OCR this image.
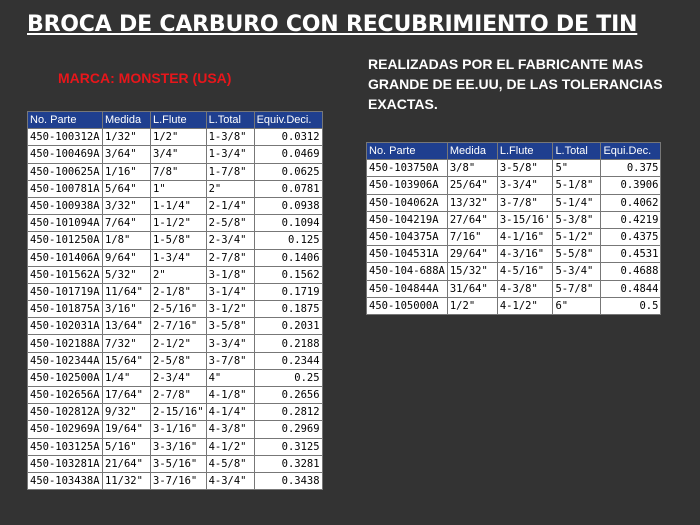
BROCA DE CARBURO CON RECUBRIMIENTO DE TIN
MARCA: MONSTER (USA)
REALIZADAS POR EL FABRICANTE MAS GRANDE DE EE.UU, DE LAS TOLERANCIAS EXACTAS.
No. Parte	Medida	L.Flute	L.Total	Equiv.Deci.
450-100312A	1/32"	1/2"	1-3/8"	0.0312
450-100469A	3/64"	3/4"	1-3/4"	0.0469
450-100625A	1/16"	7/8"	1-7/8"	0.0625
450-100781A	5/64"	1"	2"	0.0781
450-100938A	3/32"	1-1/4"	2-1/4"	0.0938
450-101094A	7/64"	1-1/2"	2-5/8"	0.1094
450-101250A	1/8"	1-5/8"	2-3/4"	0.125
450-101406A	9/64"	1-3/4"	2-7/8"	0.1406
450-101562A	5/32"	2"	3-1/8"	0.1562
450-101719A	11/64"	2-1/8"	3-1/4"	0.1719
450-101875A	3/16"	2-5/16"	3-1/2"	0.1875
450-102031A	13/64"	2-7/16"	3-5/8"	0.2031
450-102188A	7/32"	2-1/2"	3-3/4"	0.2188
450-102344A	15/64"	2-5/8"	3-7/8"	0.2344
450-102500A	1/4"	2-3/4"	4"	0.25
450-102656A	17/64"	2-7/8"	4-1/8"	0.2656
450-102812A	9/32"	2-15/16"	4-1/4"	0.2812
450-102969A	19/64"	3-1/16"	4-3/8"	0.2969
450-103125A	5/16"	3-3/16"	4-1/2"	0.3125
450-103281A	21/64"	3-5/16"	4-5/8"	0.3281
450-103438A	11/32"	3-7/16"	4-3/4"	0.3438
No. Parte	Medida	L.Flute	L.Total	Equi.Dec.
450-103750A	3/8"	3-5/8"	5"	0.375
450-103906A	25/64"	3-3/4"	5-1/8"	0.3906
450-104062A	13/32"	3-7/8"	5-1/4"	0.4062
450-104219A	27/64"	3-15/16'	5-3/8"	0.4219
450-104375A	7/16"	4-1/16"	5-1/2"	0.4375
450-104531A	29/64"	4-3/16"	5-5/8"	0.4531
450-104-688A	15/32"	4-5/16"	5-3/4"	0.4688
450-104844A	31/64"	4-3/8"	5-7/8"	0.4844
450-105000A	1/2"	4-1/2"	6"	0.5
